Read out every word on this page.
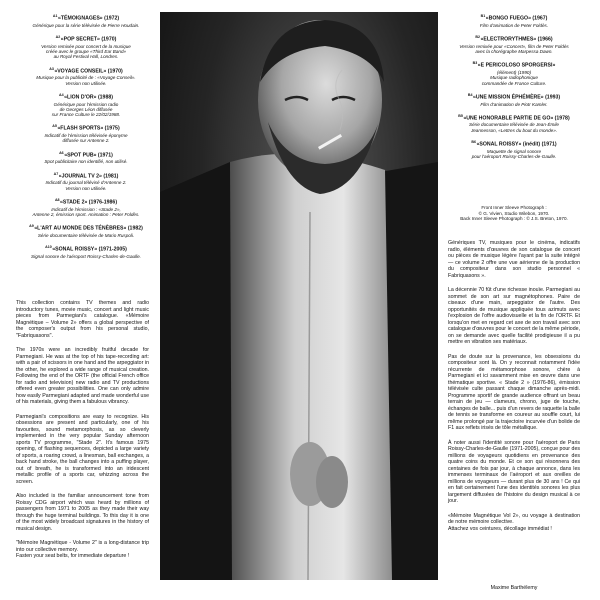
$^{A1}$«TÉMOIGNAGES» (1972)
Générique pour la série télévisée de Pierre Houdain.
$^{A2}$«POP SECRET» (1970)
Version remixée pour concert de la musique
créée avec le groupe «Third Ear Band»
au Royal Festival Hall, Londres.
$^{A3}$«VOYAGE CONSEIL» (1970)
Musique pour la publicité de : «Voyage Conseil».
Version non utilisée.
$^{A4}$«LION D'OR» (1988)
Générique pour l'émission radio
de Georges Léon diffusée
sur France Culture le 22/02/1988.
$^{A5}$«FLASH SPORTS» (1975)
Indicatif de l'émission télévisée éponyme
diffusée sur Antenne 2.
$^{A6}$«SPOT PUB» (1971)
Spot publicitaire non identifié, non utilisé.
$^{A7}$«JOURNAL TV 2» (1981)
Indicatif du journal télévisé d'Antenne 2.
Version non utilisée.
$^{A8}$«STADE 2» (1976-1986)
Indicatif de l'émission : «Stade 2»,
Antenne 2, émission sport. Animation : Peter Foldès.
$^{A9}$«L'ART AU MONDE DES TÉNÈBRES» (1982)
Série documentaire télévisée de Mario Ruspoli.
$^{A10}$«SONAL ROISSY» (1971-2005)
Signal sonore de l'aéroport Roissy-Charles-de-Gaulle.
$^{B1}$«BONGO FUEGO» (1967)
Film d'animation de Peter Foldès.
$^{B2}$«ELECTRORYTHMES» (1966)
Version remixée pour «Concert», film de Peter Foldès
avec la chorégraphe Marpessa Dawn.
$^{B3}$«E PERICOLOSO SPORGERSI»
(élément) (1990)
Musique radiophonique
commandée de France Culture.
$^{B4}$«UNE MISSION ÉPHÉMÈRE» (1993)
Film d'animation de Piotr Kamler.
$^{B5}$«UNE HONORABLE PARTIE DE GO» (1978)
Série documentaire télévisée de Jean-Émile
Jeannesson, «Lettres du bout du monde».
$^{B6}$«SONAL ROISSY» (inédit) (1971)
Maquette de signal sonore
pour l'aéroport Roissy-Charles-de-Gaulle.
Front Inner Sleeve Photograph :
© G. Vivien, Studio Wilebon, 1970.
Back Inner Sleeve Photograph : © J.S. Breton, 1970.

This collection contains TV themes and radio introductory tunes, movie music, concert and light music pieces from Parmegiani's catalogue. «Mémoire Magnétique – Volume 2» offers a global perspective of the composer's output from his personal studio, "Fabriquasons".

The 1970s were an incredibly fruitful decade for Parmegiani. He was at the top of his tape-recording art: with a pair of scissors in one hand and the arpeggiator in the other, he explored a wide range of musical creation. Following the end of the ORTF (the official French office for radio and television) new radio and TV productions offered even greater possibilities. One can only admire how easily Parmegiani adapted and made wonderful use of his materials, giving them a fabulous vibrancy.

Parmegiani's compositions are easy to recognize. His obsessions are present and particularly, one of his favourites, sound metamorphosis, as so cleverly implemented in the very popular Sunday afternoon sports TV programme, "Stade 2". It's famous 1975 opening, of flashing sequences, depicted a large variety of sports, a roaring crowd, a linesman, ball exchanges, a back hand stroke, the ball changes into a puffing player, out of breath, he is transformed into an iridescent metallic profile of a sports car, whizzing across the screen.

Also included is the familiar announcement tone from Roissy CDG airport which was heard by millions of passengers from 1971 to 2005 as they made their way through the huge terminal buildings. To this day it is one of the most widely broadcast signatures in the history of musical design.

"Mémoire Magnétique - Volume 2" is a long-distance trip into our collective memory.
Fasten your seat belts, for immediate departure !

Génériques TV, musiques pour le cinéma, indicatifs radio, éléments d'œuvres de son catalogue de concert ou pièces de musique légère l'ayant par la suite intégré — ce volume 2 offre une vue aérienne de la production du compositeur dans son studio personnel « Fabriquasons ».

La décennie 70 fût d'une richesse inouïe. Parmegiani au sommet de son art sur magnétophones. Paire de ciseaux d'une main, arpeggiator de l'autre. Des opportunités de musique appliquée tous azimuts avec l'explosion de l'offre audiovisuelle et la fin de l'ORTF. Et lorsqu'on met en regard cet axe de son travail avec son catalogue d'œuvres pour le concert de la même période, on se demande avec quelle facilité prodigieuse il a pu mettre en vibration ses matériaux.

Pas de doute sur la provenance, les obsessions du compositeur sont là. On y reconnait notamment l'idée récurrente de métamorphose sonore, chère à Parmegiani et ici savamment mise en œuvre dans une thématique sportive. « Stade 2 » (1976-86), émission télévisée culte passant chaque dimanche après-midi. Programme sportif de grande audience offrant un beau terrain de jeu — clameurs, chrono, juge de touche, échanges de balle... puis d'un revers de raquette la balle de tennis se transforme en coureur au souffle court, lui même prolongé par la trajectoire incurvée d'un bolide de F1 aux reflets irisés de tôle métallique.

À noter aussi l'identité sonore pour l'aéroport de Paris Roissy-Charles-de-Gaulle (1971-2005), conçue pour des millions de voyageurs quotidiens en provenance des quatre coins du monde. Et ce son qui résonnera des centaines de fois par jour, à chaque annonce, dans les immenses terminaux de l'aéroport et aux oreilles de millions de voyageurs — durant plus de 30 ans ! Ce qui en fait certainement l'une des identités sonores les plus largement diffusées de l'histoire du design musical à ce jour.

«Mémoire Magnétique Vol 2», ou voyage à destination de notre mémoire collective.
Attachez vos ceintures, décollage immédiat !

Maxime Barthélemy
